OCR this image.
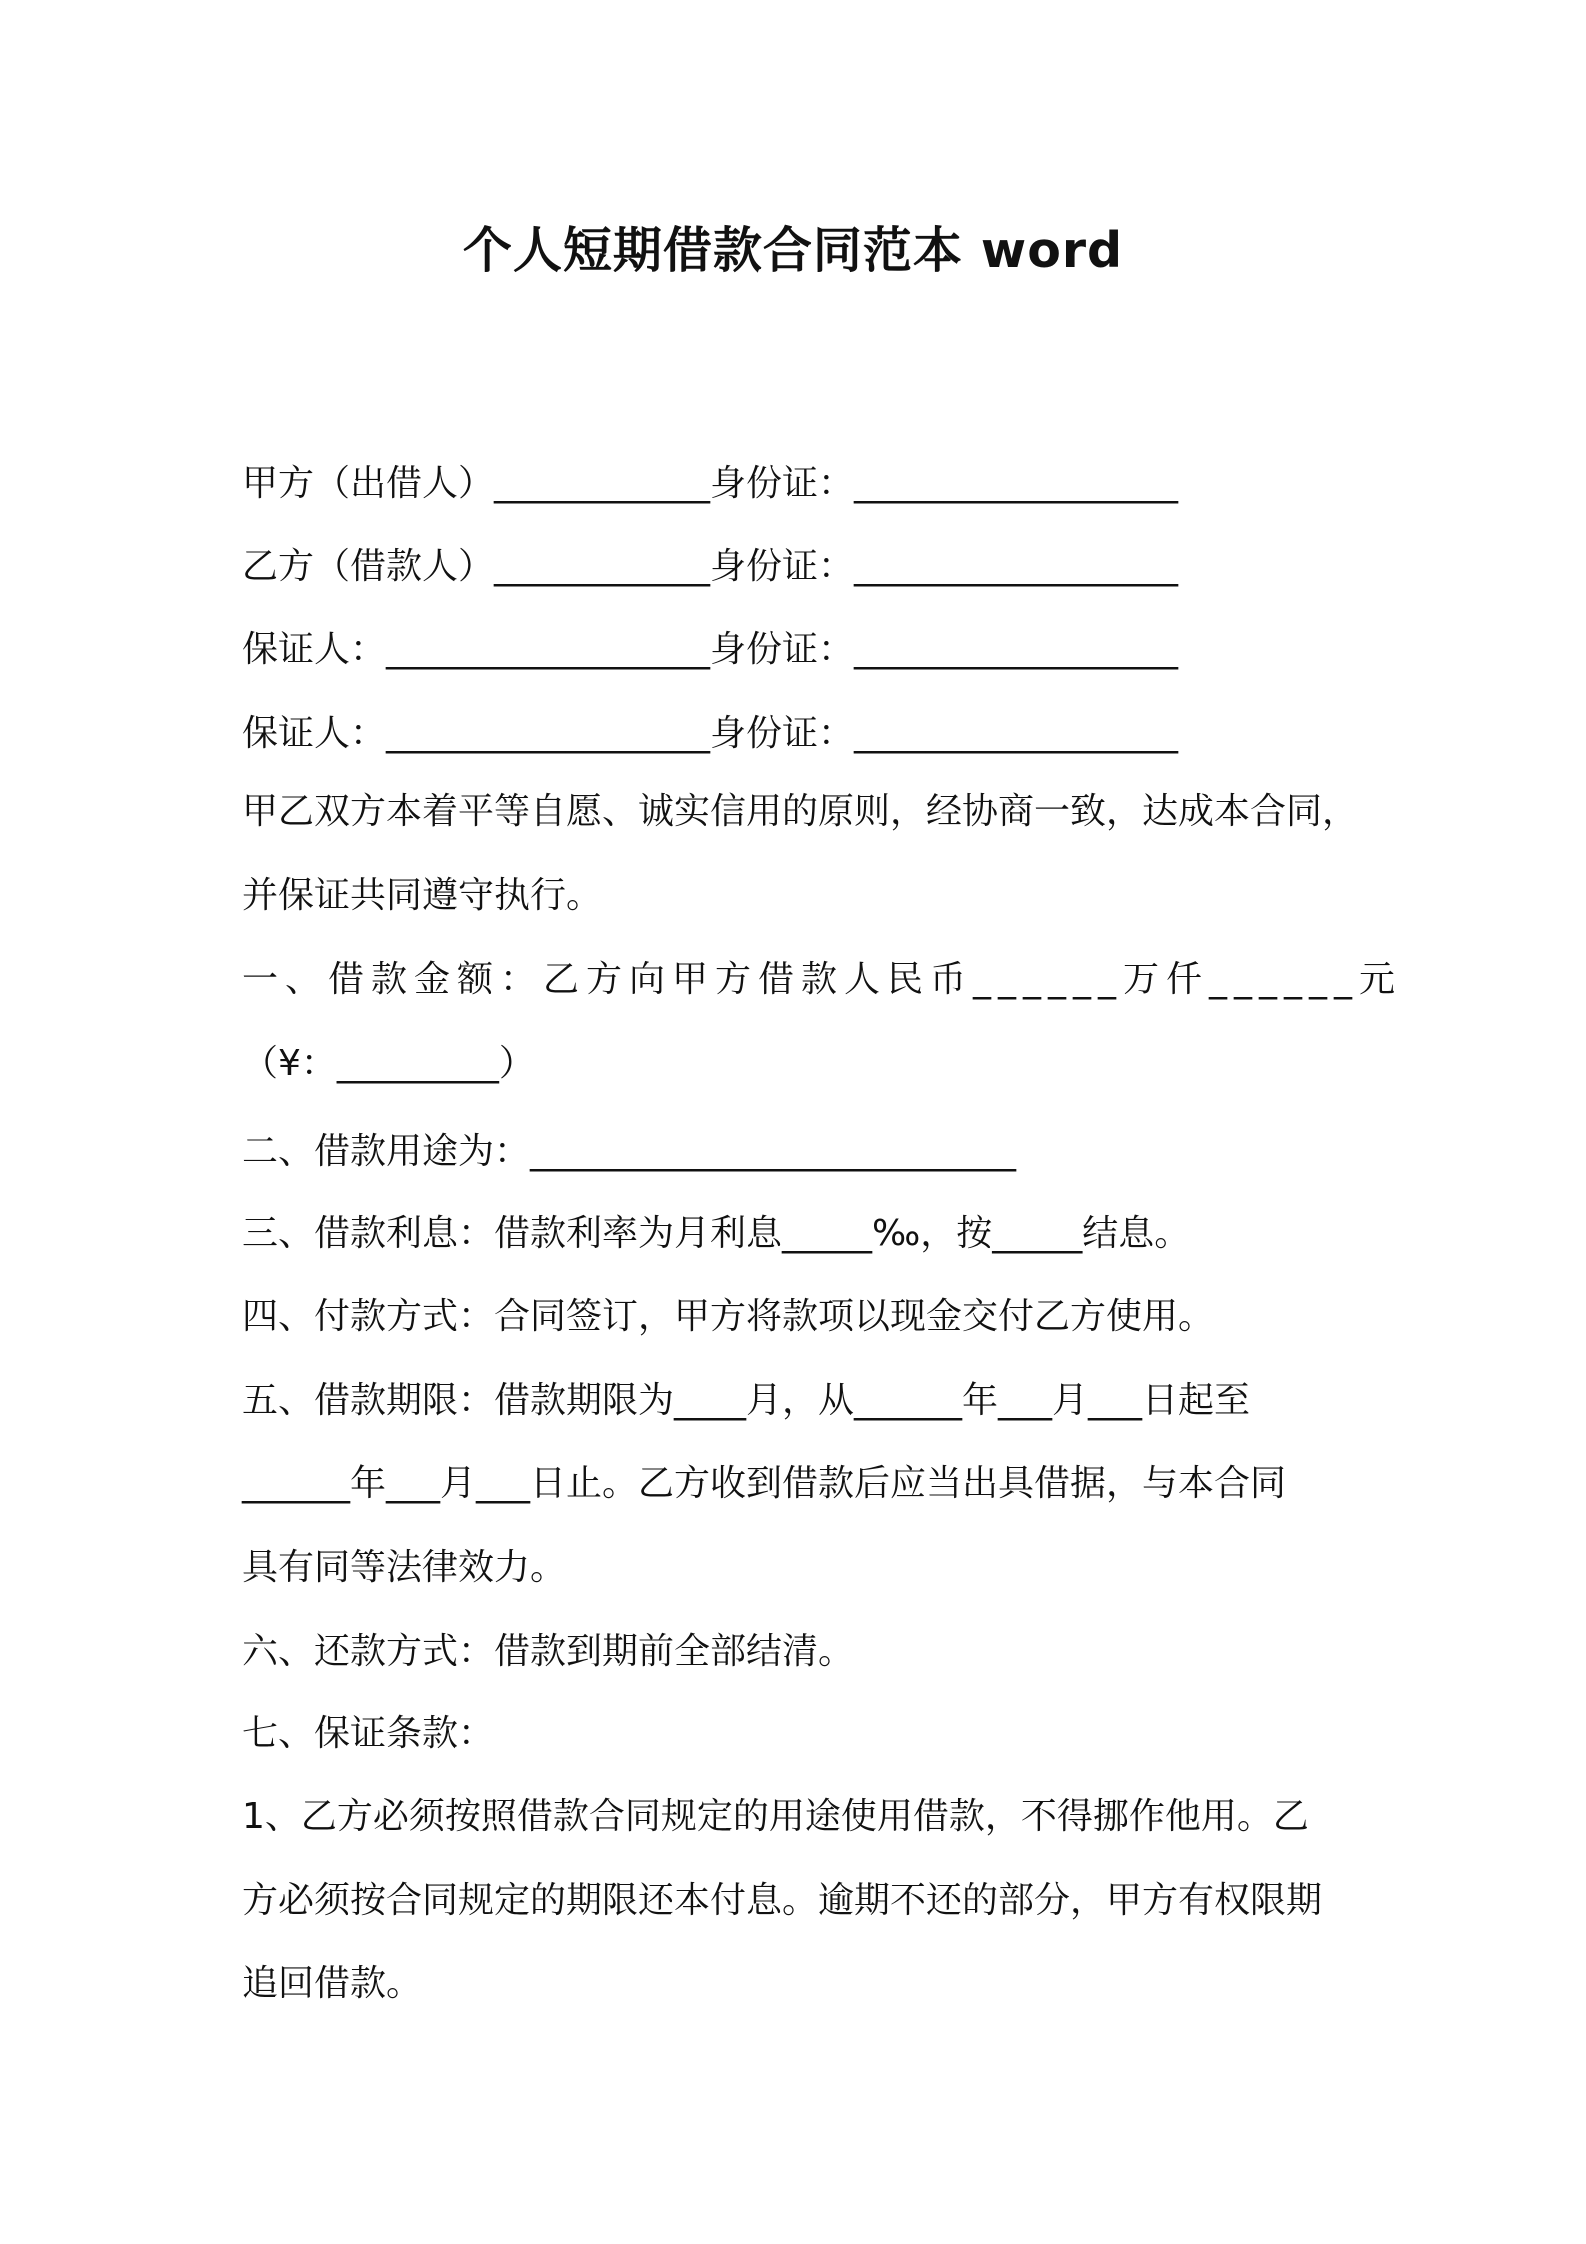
个人短期借款合同范本 word
甲方（出借人）____________身份证：__________________
乙方（借款人）____________身份证：__________________
保证人：__________________身份证：__________________
保证人：__________________身份证：__________________
甲乙双方本着平等自愿、诚实信用的原则，经协商一致，达成本合同，
并保证共同遵守执行。
一、借款金额：乙方向甲方借款人民币______万仟______元
（¥：_________）
二、借款用途为：___________________________
三、借款利息：借款利率为月利息_____‰，按_____结息。
四、付款方式：合同签订，甲方将款项以现金交付乙方使用。
五、借款期限：借款期限为____月，从______年___月___日起至
______年___月___日止。乙方收到借款后应当出具借据，与本合同
具有同等法律效力。
六、还款方式：借款到期前全部结清。
七、保证条款：
1、乙方必须按照借款合同规定的用途使用借款，不得挪作他用。乙
方必须按合同规定的期限还本付息。逾期不还的部分，甲方有权限期
追回借款。
